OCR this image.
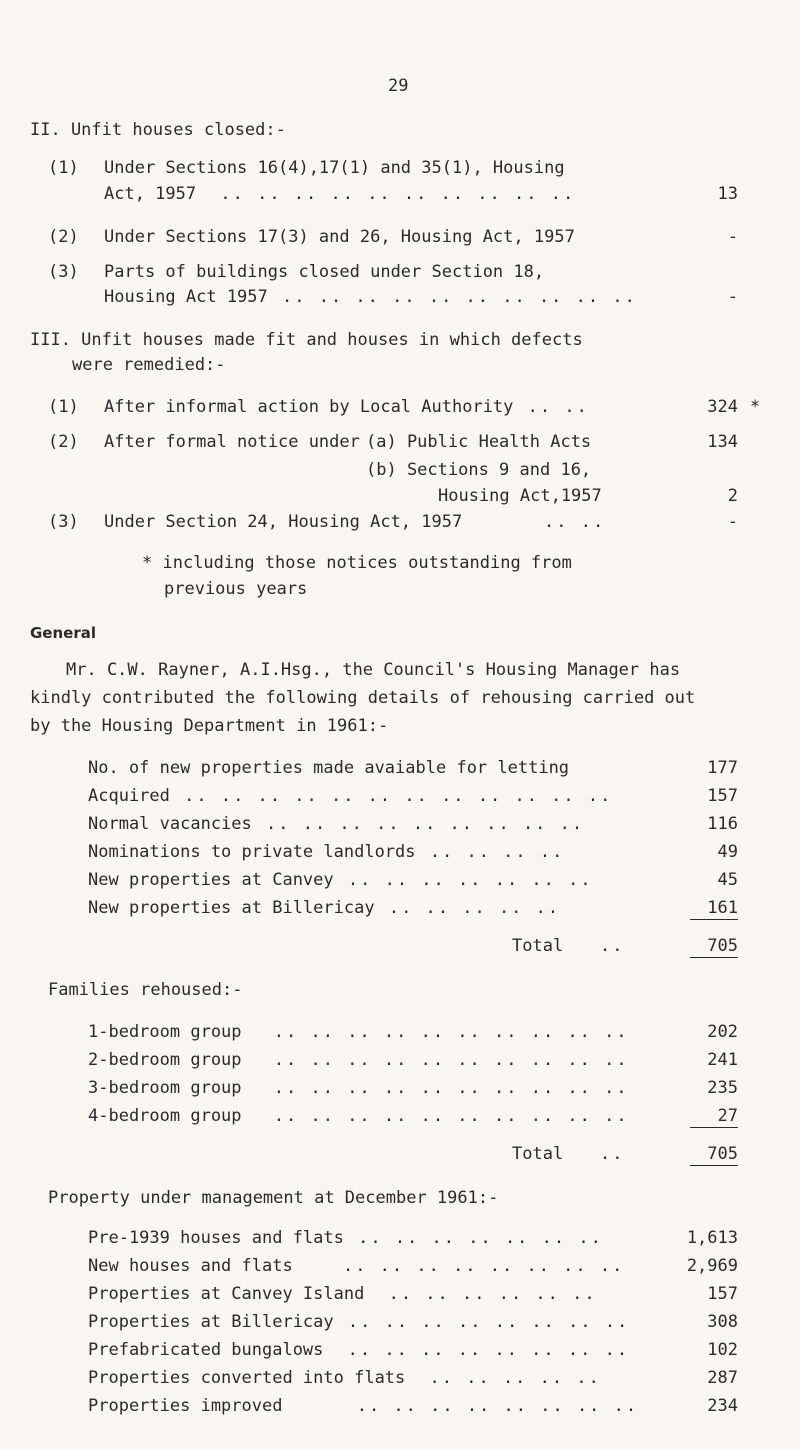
29
II. Unfit houses closed:-
(1) Under Sections 16(4),17(1) and 35(1), Housing
Act, 1957 .. .. .. .. .. .. .. .. .. ..	13
(2) Under Sections 17(3) and 26, Housing Act, 1957	-
(3) Parts of buildings closed under Section 18,
Housing Act 1957 .. .. .. .. .. .. .. .. .. ..	-
III. Unfit houses made fit and houses in which defects
were remedied:-
(1) After informal action by Local Authority .. ..	324 *
(2) After formal notice under (a) Public Health Acts	134
(b) Sections 9 and 16,
Housing Act,1957	2
(3) Under Section 24, Housing Act, 1957	.. ..	-
* including those notices outstanding from
previous years
General
Mr. C.W. Rayner, A.I.Hsg., the Council's Housing Manager has
kindly contributed the following details of rehousing carried out
by the Housing Department in 1961:-
No. of new properties made avaiable for letting	177
Acquired .. .. .. .. .. .. .. .. .. .. .. ..	157
Normal vacancies .. .. .. .. .. .. .. .. ..	116
Nominations to private landlords .. .. .. ..	49
New properties at Canvey .. .. .. .. .. .. ..	45
New properties at Billericay .. .. .. .. ..	161
Total ..	705
Families rehoused:-
1-bedroom group .. .. .. .. .. .. .. .. .. ..	202
2-bedroom group .. .. .. .. .. .. .. .. .. ..	241
3-bedroom group .. .. .. .. .. .. .. .. .. ..	235
4-bedroom group .. .. .. .. .. .. .. .. .. ..	27
Total ..	705
Property under management at December 1961:-
Pre-1939 houses and flats .. .. .. .. .. .. ..	1,613
New houses and flats	.. .. .. .. .. .. .. ..	2,969
Properties at Canvey Island .. .. .. .. .. ..	157
Properties at Billericay .. .. .. .. .. .. .. ..	308
Prefabricated bungalows .. .. .. .. .. .. .. ..	102
Properties converted into flats .. .. .. .. ..	287
Properties improved	.. .. .. .. .. .. .. ..	234
